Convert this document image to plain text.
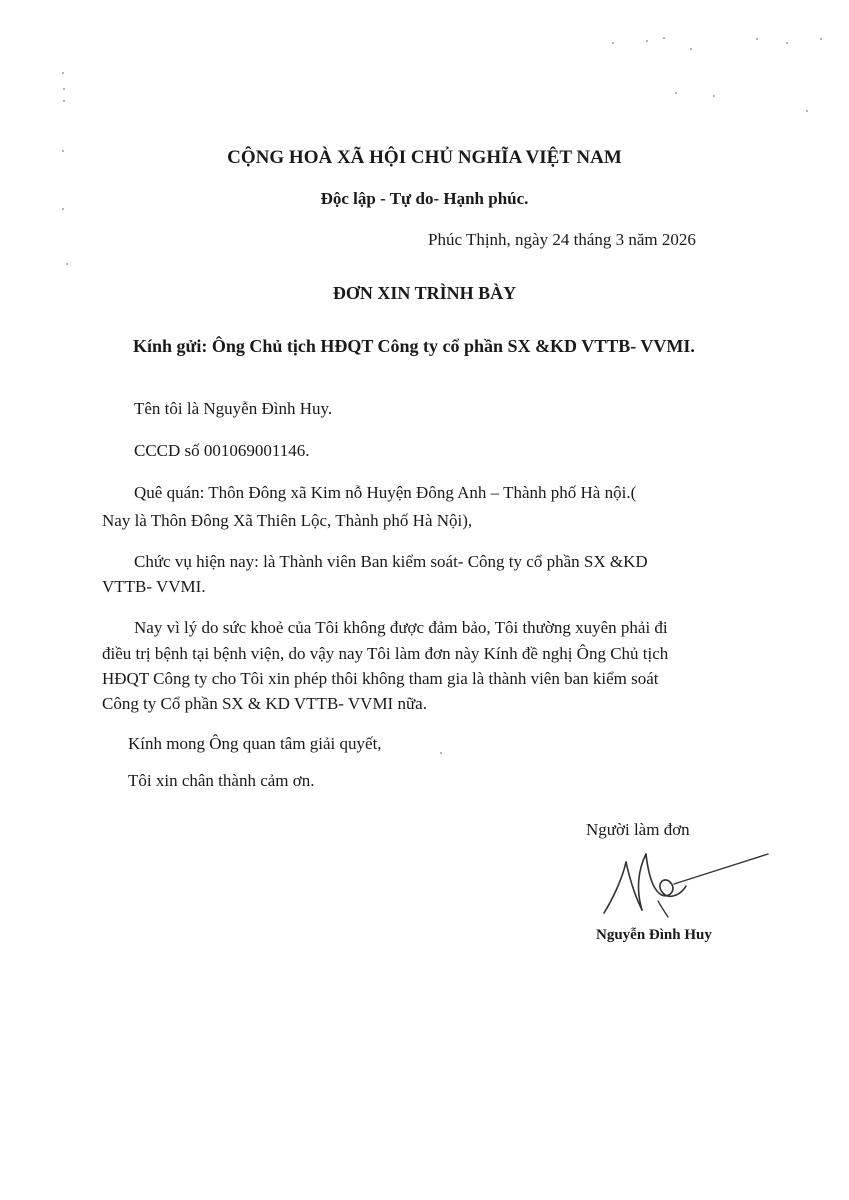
CỘNG HOÀ XÃ HỘI CHỦ NGHĨA VIỆT NAM
Độc lập - Tự do- Hạnh phúc.
Phúc Thịnh, ngày 24 tháng 3 năm 2026
ĐƠN XIN TRÌNH BÀY
Kính gửi: Ông Chủ tịch HĐQT Công ty cổ phần SX &KD VTTB- VVMI.
Tên tôi là Nguyễn Đình Huy.
CCCD số 001069001146.
Quê quán: Thôn Đông xã Kim nỗ Huyện Đông Anh – Thành phố Hà nội.(
Nay là Thôn Đông Xã Thiên Lộc, Thành phố Hà Nội),
Chức vụ hiện nay: là Thành viên Ban kiểm soát- Công ty cổ phần SX &KD
VTTB- VVMI.
Nay vì lý do sức khoẻ của Tôi không được đảm bảo, Tôi thường xuyên phải đi
điều trị bệnh tại bệnh viện, do vậy nay Tôi làm đơn này Kính đề nghị Ông Chủ tịch
HĐQT Công ty cho Tôi xin phép thôi không tham gia là thành viên ban kiểm soát
Công ty Cổ phần SX & KD VTTB- VVMI nữa.
Kính mong Ông quan tâm giải quyết,
Tôi xin chân thành cảm ơn.
Người làm đơn
Nguyễn Đình Huy
